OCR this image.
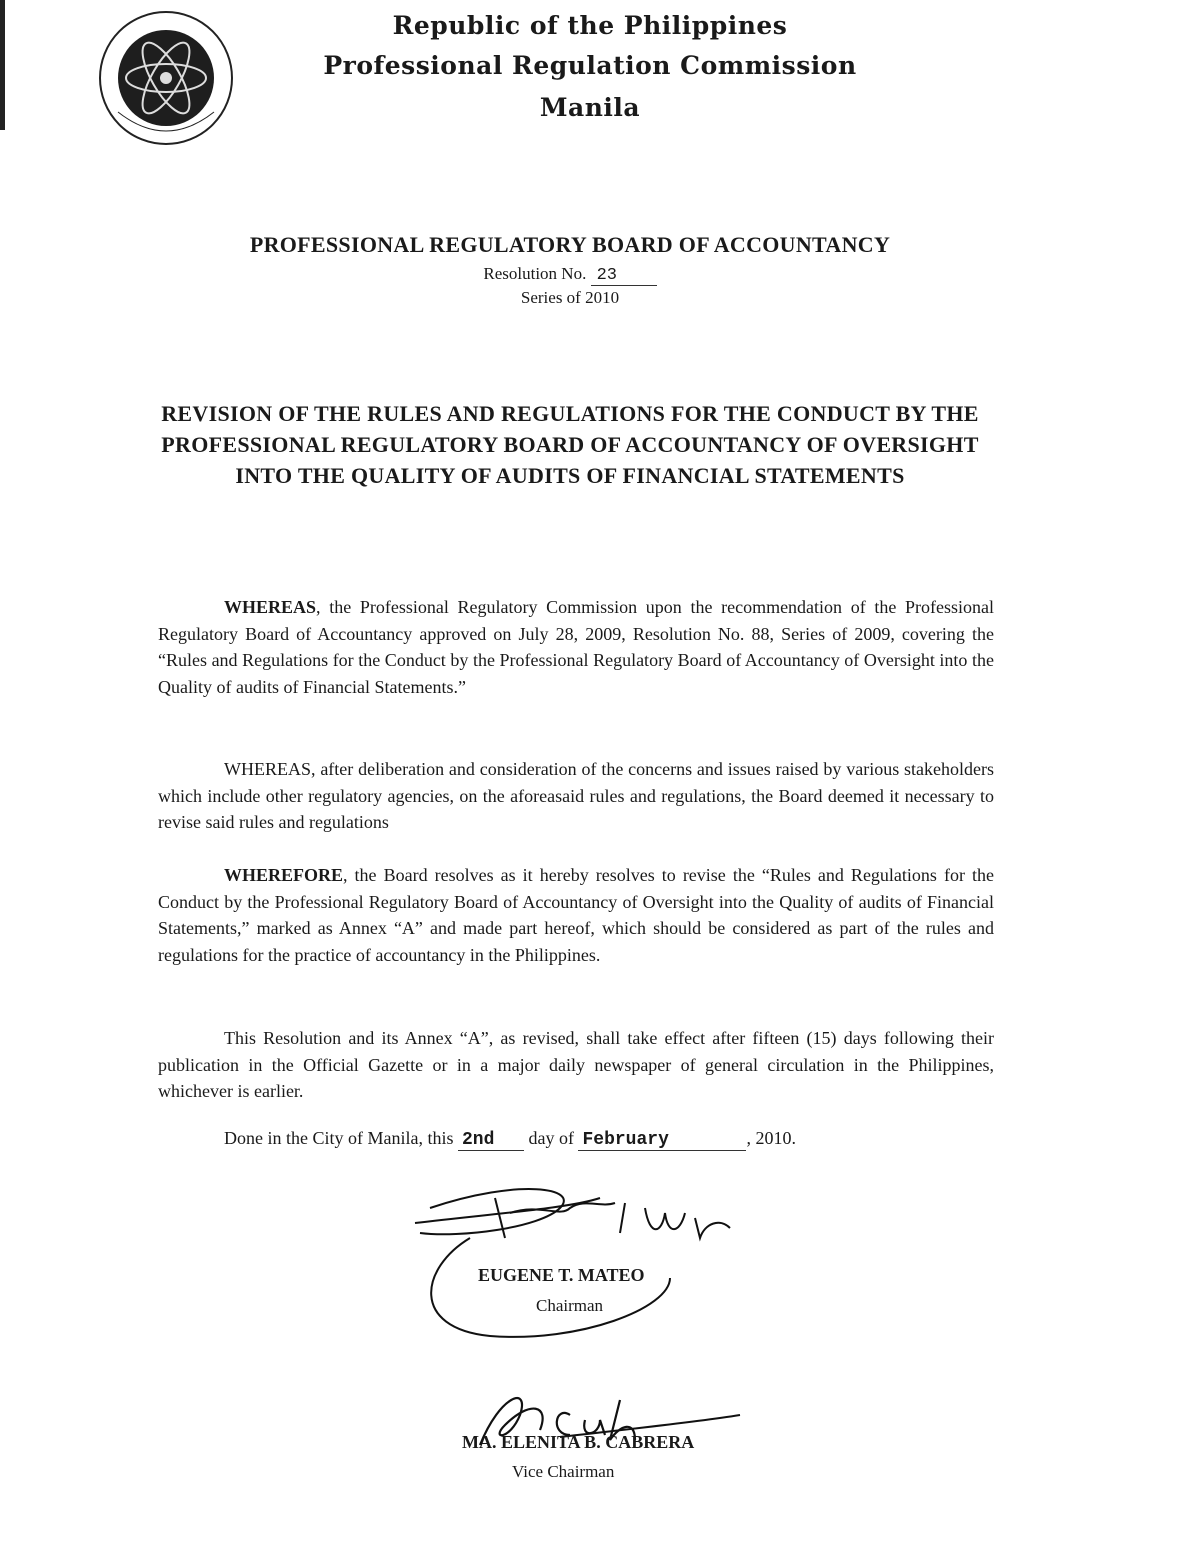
Republic of the Philippines
Professional Regulation Commission
Manila
PROFESSIONAL REGULATORY BOARD OF ACCOUNTANCY
Resolution No. 23
Series of 2010
REVISION OF THE RULES AND REGULATIONS FOR THE CONDUCT BY THE PROFESSIONAL REGULATORY BOARD OF ACCOUNTANCY OF OVERSIGHT INTO THE QUALITY OF AUDITS OF FINANCIAL STATEMENTS
WHEREAS, the Professional Regulatory Commission upon the recommendation of the Professional Regulatory Board of Accountancy approved on July 28, 2009, Resolution No. 88, Series of 2009, covering the “Rules and Regulations for the Conduct by the Professional Regulatory Board of Accountancy of Oversight into the Quality of audits of Financial Statements.”
WHEREAS, after deliberation and consideration of the concerns and issues raised by various stakeholders which include other regulatory agencies, on the aforeasaid rules and regulations, the Board deemed it necessary to revise said rules and regulations
WHEREFORE, the Board resolves as it hereby resolves to revise the “Rules and Regulations for the Conduct by the Professional Regulatory Board of Accountancy of Oversight into the Quality of audits of Financial Statements,” marked as Annex “A” and made part hereof, which should be considered as part of the rules and regulations for the practice of accountancy in the Philippines.
This Resolution and its Annex “A”, as revised, shall take effect after fifteen (15) days following their publication in the Official Gazette or in a major daily newspaper of general circulation in the Philippines, whichever is earlier.
Done in the City of Manila, this 2nd day of February	, 2010.
EUGENE T. MATEO
Chairman
MA. ELENITA B. CABRERA
Vice Chairman
